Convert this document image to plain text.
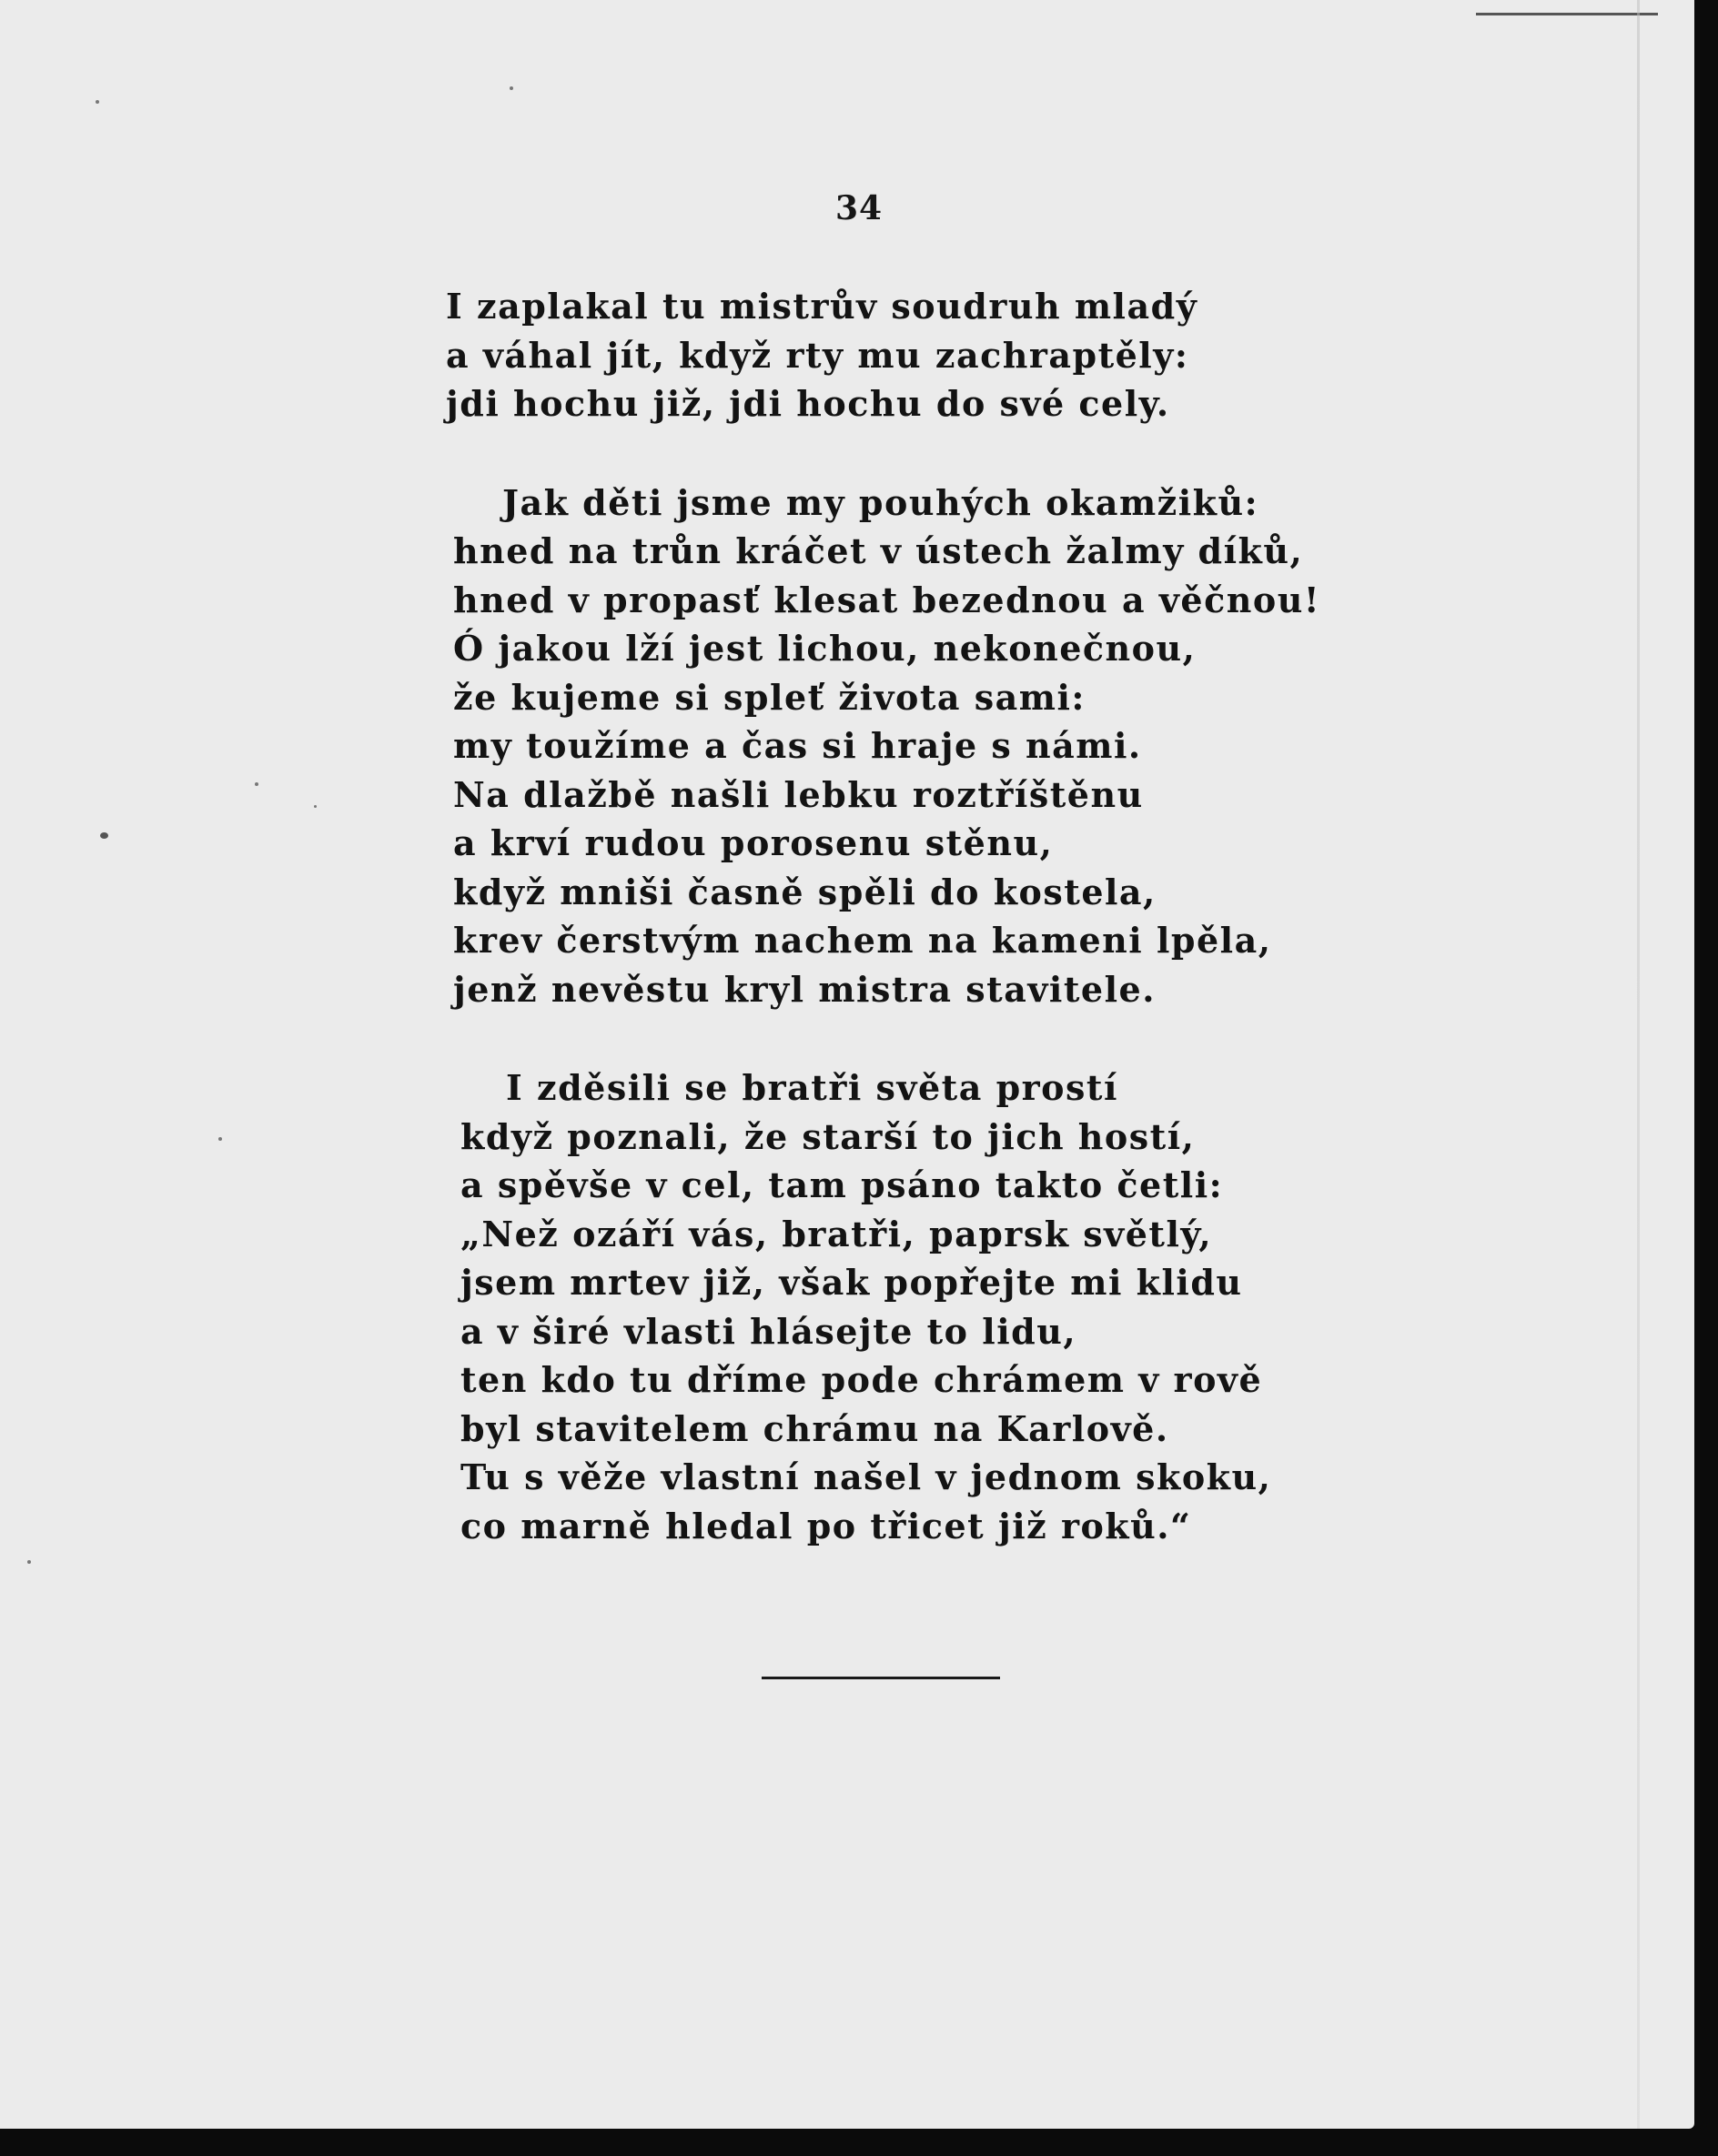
34
I zaplakal tu mistrův soudruh mladý
a váhal jít, když rty mu zachraptěly:
jdi hochu již, jdi hochu do své cely.
Jak děti jsme my pouhých okamžiků:
hned na trůn kráčet v ústech žalmy díků,
hned v propasť klesat bezednou a věčnou!
Ó jakou lží jest lichou, nekonečnou,
že kujeme si spleť života sami:
my toužíme a čas si hraje s námi.
Na dlažbě našli lebku roztříštěnu
a krví rudou porosenu stěnu,
když mniši časně spěli do kostela,
krev čerstvým nachem na kameni lpěla,
jenž nevěstu kryl mistra stavitele.
I zděsili se bratři světa prostí
když poznali, že starší to jich hostí,
a spěvše v cel, tam psáno takto četli:
„Než ozáří vás, bratři, paprsk světlý,
jsem mrtev již, však popřejte mi klidu
a v širé vlasti hlásejte to lidu,
ten kdo tu dříme pode chrámem v rově
byl stavitelem chrámu na Karlově.
Tu s věže vlastní našel v jednom skoku,
co marně hledal po třicet již roků.“
